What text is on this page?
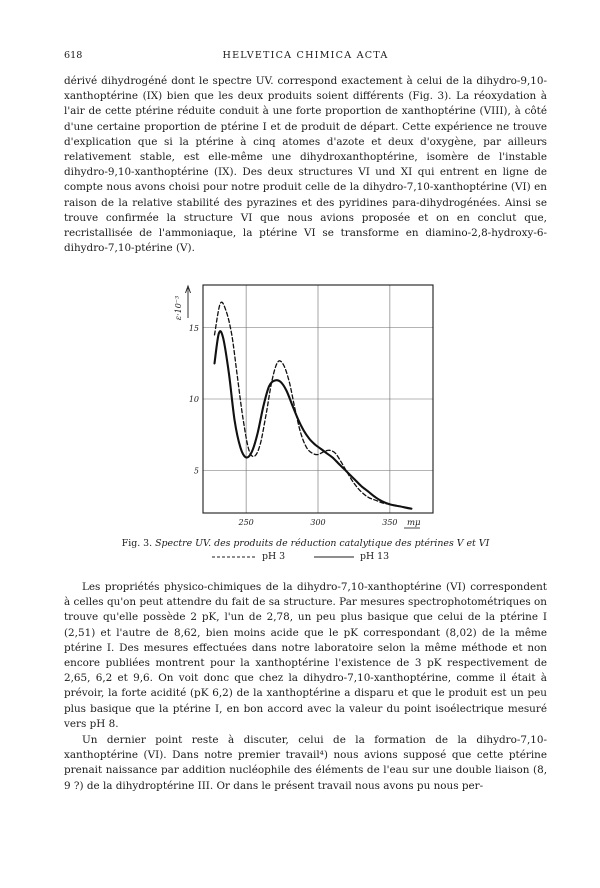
618	HELVETICA CHIMICA ACTA

dérivé dihydrogéné dont le spectre UV. correspond exactement à celui de la dihydro-9,10-xanthoptérine (IX) bien que les deux produits soient différents (Fig. 3). La réoxydation à l'air de cette ptérine réduite conduit à une forte proportion de xanthoptérine (VIII), à côté d'une certaine proportion de ptérine I et de produit de départ. Cette expérience ne trouve d'explication que si la ptérine à cinq atomes d'azote et deux d'oxygène, par ailleurs relativement stable, est elle-même une dihydroxanthoptérine, isomère de l'instable dihydro-9,10-xanthoptérine (IX). Des deux structures VI und XI qui entrent en ligne de compte nous avons choisi pour notre produit celle de la dihydro-7,10-xanthoptérine (VI) en raison de la relative stabilité des pyrazines et des pyridines para-dihydrogénées. Ainsi se trouve confirmée la structure VI que nous avions proposée et on en conclut que, recristallisée de l'ammoniaque, la ptérine VI se transforme en diamino-2,8-hydroxy-6-dihydro-7,10-ptérine (V).

250	300	350
5
10
15
ε·10⁻³
mμ
Fig. 3. Spectre UV. des produits de réduction catalytique des ptérines V et VI
pH 3	pH 13

Les propriétés physico-chimiques de la dihydro-7,10-xanthoptérine (VI) correspondent à celles qu'on peut attendre du fait de sa structure. Par mesures spectrophotométriques on trouve qu'elle possède 2 pK, l'un de 2,78, un peu plus basique que celui de la ptérine I (2,51) et l'autre de 8,62, bien moins acide que le pK correspondant (8,02) de la même ptérine I. Des mesures effectuées dans notre laboratoire selon la même méthode et non encore publiées montrent pour la xanthoptérine l'existence de 3 pK respectivement de 2,65, 6,2 et 9,6. On voit donc que chez la dihydro-7,10-xanthoptérine, comme il était à prévoir, la forte acidité (pK 6,2) de la xanthoptérine a disparu et que le produit est un peu plus basique que la ptérine I, en bon accord avec la valeur du point isoélectrique mesuré vers pH 8.

Un dernier point reste à discuter, celui de la formation de la dihydro-7,10-xanthoptérine (VI). Dans notre premier travail⁴) nous avions supposé que cette ptérine prenait naissance par addition nucléophile des éléments de l'eau sur une double liaison (8, 9 ?) de la dihydroptérine III. Or dans le présent travail nous avons pu nous per-
